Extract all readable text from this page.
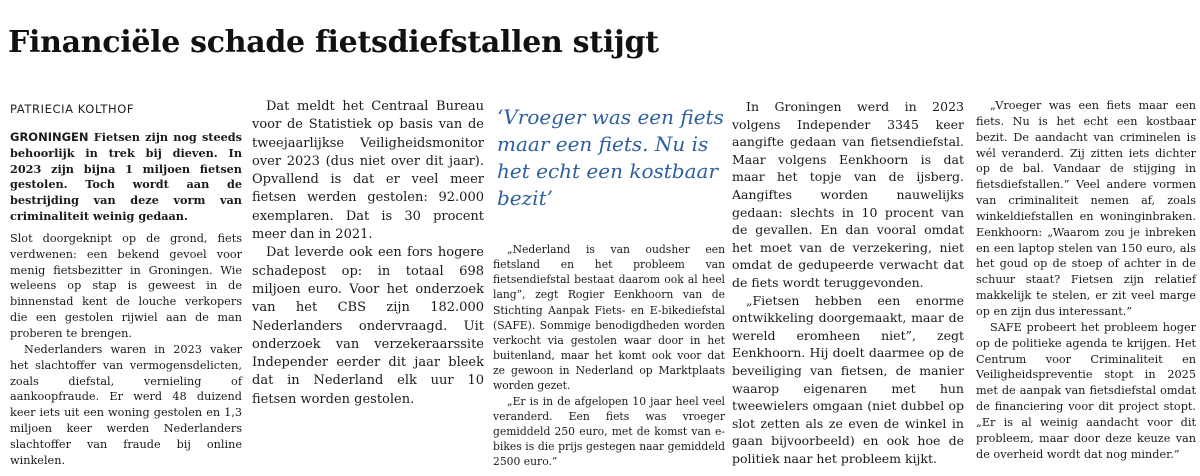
Financiële schade fietsdiefstallen stijgt
PATRIECIA KOLTHOF

GRONINGEN Fietsen zijn nog steeds behoorlijk in trek bij dieven. In 2023 zijn bijna 1 miljoen fietsen gestolen. Toch wordt aan de bestrijding van deze vorm van criminaliteit weinig gedaan.

Slot doorgeknipt op de grond, fiets verdwenen: een bekend gevoel voor menig fietsbezitter in Groningen. Wie weleens op stap is geweest in de binnenstad kent de louche verkopers die een gestolen rijwiel aan de man proberen te brengen.

Nederlanders waren in 2023 vaker het slachtoffer van vermogensdelicten, zoals diefstal, vernieling of aankoopfraude. Er werd 48 duizend keer iets uit een woning gestolen en 1,3 miljoen keer werden Nederlanders slachtoffer van fraude bij online winkelen.

Dat meldt het Centraal Bureau voor de Statistiek op basis van de tweejaarlijkse Veiligheidsmonitor over 2023 (dus niet over dit jaar). Opvallend is dat er veel meer fietsen werden gestolen: 92.000 exemplaren. Dat is 30 procent meer dan in 2021.

Dat leverde ook een fors hogere schadepost op: in totaal 698 miljoen euro. Voor het onderzoek van het CBS zijn 182.000 Nederlanders ondervraagd. Uit onderzoek van verzekeraarssite Independer eerder dit jaar bleek dat in Nederland elk uur 10 fietsen worden gestolen.

‘Vroeger was een fiets maar een fiets. Nu is het echt een kostbaar bezit’

„Nederland is van oudsher een fietsland en het probleem van fietsendiefstal bestaat daarom ook al heel lang”, zegt Rogier Eenkhoorn van de Stichting Aanpak Fiets- en E-bikediefstal (SAFE). Sommige benodigdheden worden verkocht via gestolen waar door in het buitenland, maar het komt ook voor dat ze gewoon in Nederland op Marktplaats worden gezet.

„Er is in de afgelopen 10 jaar heel veel veranderd. Een fiets was vroeger gemiddeld 250 euro, met de komst van e-bikes is die prijs gestegen naar gemiddeld 2500 euro.”

In Groningen werd in 2023 volgens Independer 3345 keer aangifte gedaan van fietsendiefstal. Maar volgens Eenkhoorn is dat maar het topje van de ijsberg. Aangiftes worden nauwelijks gedaan: slechts in 10 procent van de gevallen. En dan vooral omdat het moet van de verzekering, niet omdat de gedupeerde verwacht dat de fiets wordt teruggevonden.

„Fietsen hebben een enorme ontwikkeling doorgemaakt, maar de wereld eromheen niet”, zegt Eenkhoorn. Hij doelt daarmee op de beveiliging van fietsen, de manier waarop eigenaren met hun tweewielers omgaan (niet dubbel op slot zetten als ze even de winkel in gaan bijvoorbeeld) en ook hoe de politiek naar het probleem kijkt.

„Vroeger was een fiets maar een fiets. Nu is het echt een kostbaar bezit. De aandacht van criminelen is wél veranderd. Zij zitten iets dichter op de bal. Vandaar de stijging in fietsdiefstallen.” Veel andere vormen van criminaliteit nemen af, zoals winkeldiefstallen en woninginbraken. Eenkhoorn: „Waarom zou je inbreken en een laptop stelen van 150 euro, als het goud op de stoep of achter in de schuur staat? Fietsen zijn relatief makkelijk te stelen, er zit veel marge op en zijn dus interessant.”

SAFE probeert het probleem hoger op de politieke agenda te krijgen. Het Centrum voor Criminaliteit en Veiligheidspreventie stopt in 2025 met de aanpak van fietsdiefstal omdat de financiering voor dit project stopt. „Er is al weinig aandacht voor dit probleem, maar door deze keuze van de overheid wordt dat nog minder.”
